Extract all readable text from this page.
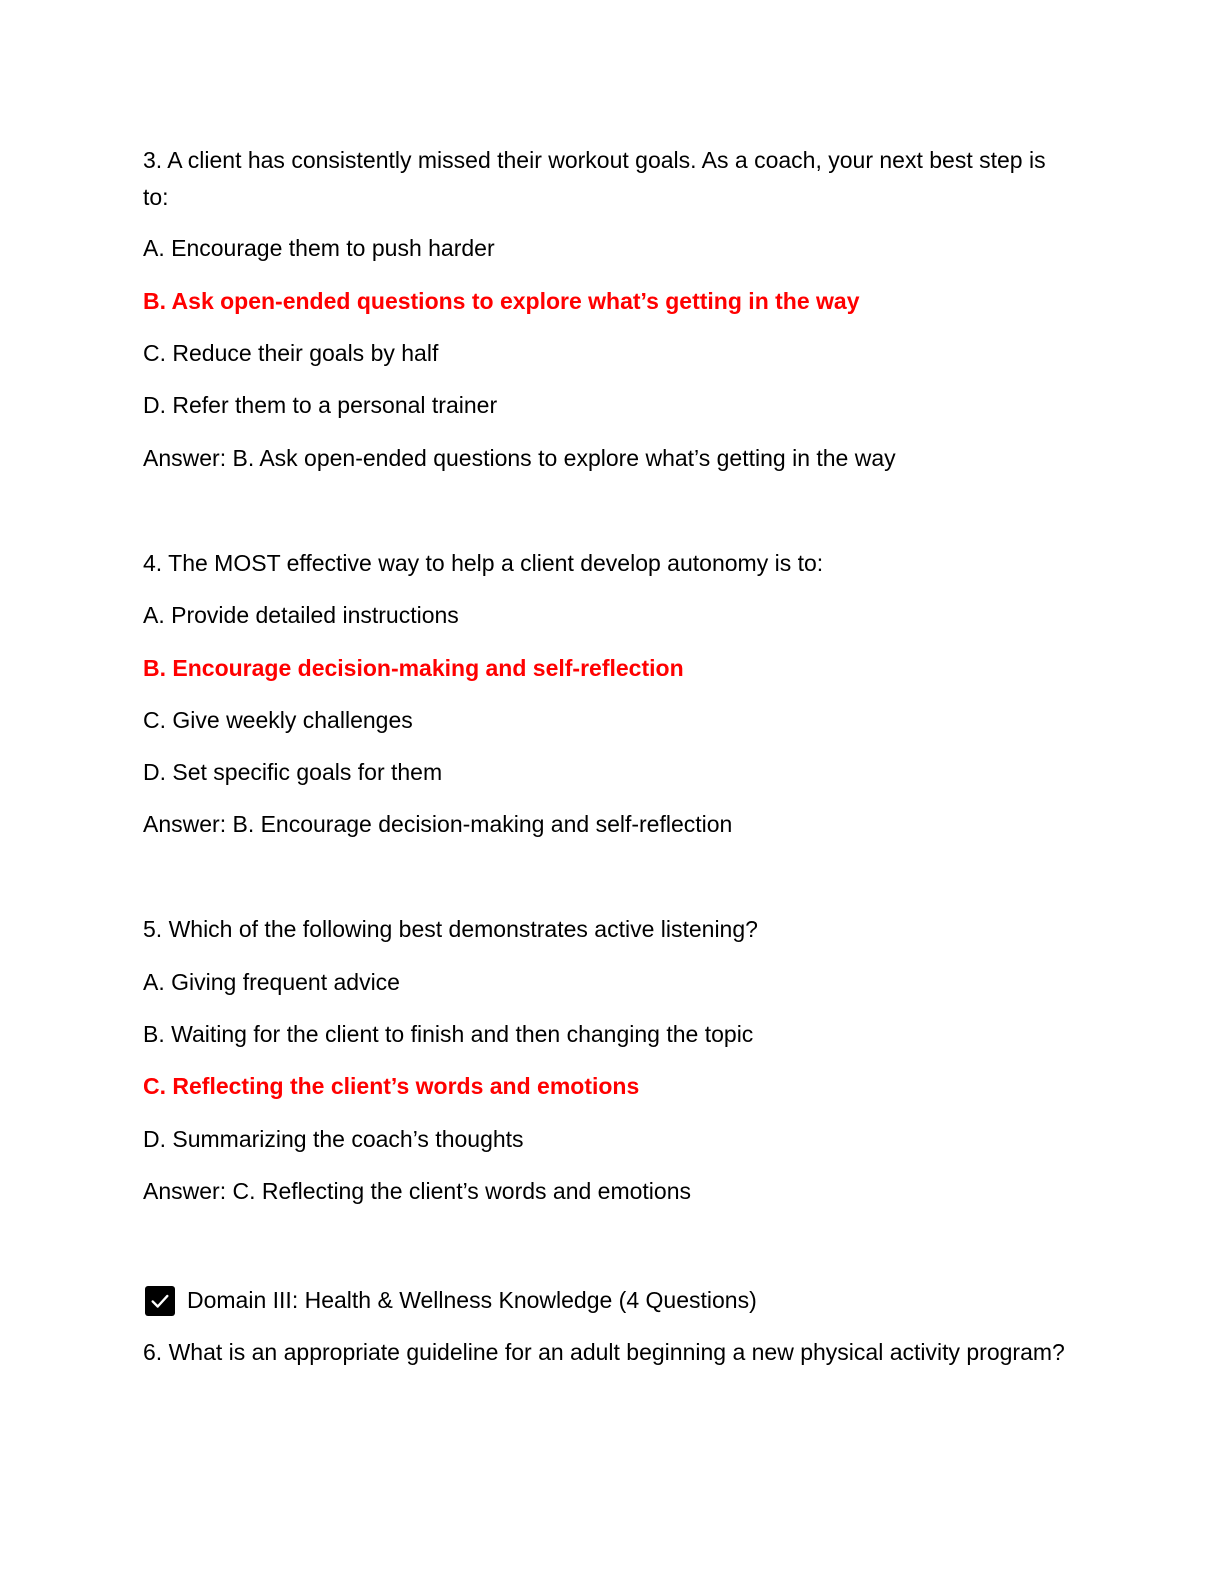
3. A client has consistently missed their workout goals. As a coach, your next best step is to:
A. Encourage them to push harder
B. Ask open-ended questions to explore what’s getting in the way
C. Reduce their goals by half
D. Refer them to a personal trainer
Answer: B. Ask open-ended questions to explore what’s getting in the way
4. The MOST effective way to help a client develop autonomy is to:
A. Provide detailed instructions
B. Encourage decision-making and self-reflection
C. Give weekly challenges
D. Set specific goals for them
Answer: B. Encourage decision-making and self-reflection
5. Which of the following best demonstrates active listening?
A. Giving frequent advice
B. Waiting for the client to finish and then changing the topic
C. Reflecting the client’s words and emotions
D. Summarizing the coach’s thoughts
Answer: C. Reflecting the client’s words and emotions
Domain III: Health & Wellness Knowledge (4 Questions)
6. What is an appropriate guideline for an adult beginning a new physical activity program?
